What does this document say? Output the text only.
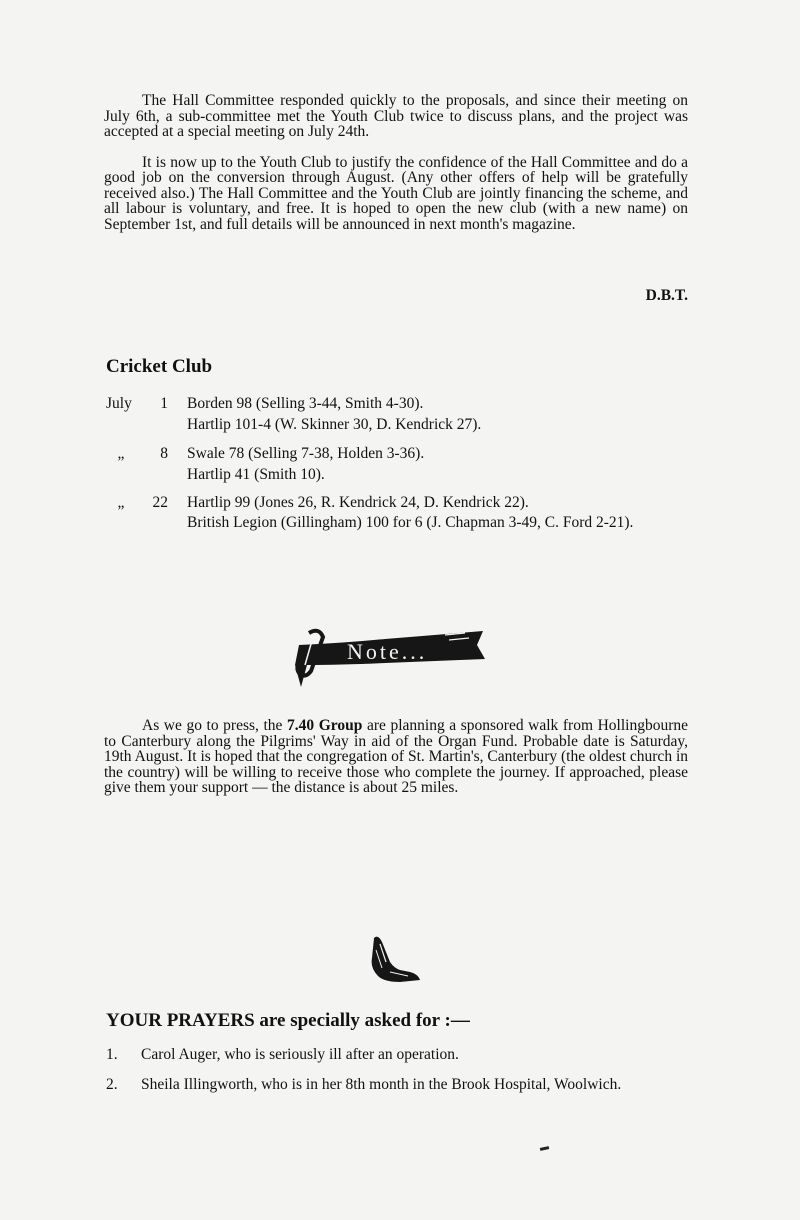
The Hall Committee responded quickly to the proposals, and since their meeting on July 6th, a sub-committee met the Youth Club twice to discuss plans, and the project was accepted at a special meeting on July 24th.

It is now up to the Youth Club to justify the confidence of the Hall Committee and do a good job on the conversion through August. (Any other offers of help will be gratefully received also.) The Hall Committee and the Youth Club are jointly financing the scheme, and all labour is voluntary, and free. It is hoped to open the new club (with a new name) on September 1st, and full details will be announced in next month's magazine.

D.B.T.
Cricket Club
July	1 Borden 98 (Selling 3-44, Smith 4-30).
Hartlip 101-4 (W. Skinner 30, D. Kendrick 27).
„	8 Swale 78 (Selling 7-38, Holden 3-36).
Hartlip 41 (Smith 10).
„	22 Hartlip 99 (Jones 26, R. Kendrick 24, D. Kendrick 22).
British Legion (Gillingham) 100 for 6 (J. Chapman 3-49, C. Ford 2-21).
Note...

As we go to press, the 7.40 Group are planning a sponsored walk from Hollingbourne to Canterbury along the Pilgrims' Way in aid of the Organ Fund. Probable date is Saturday, 19th August. It is hoped that the congregation of St. Martin's, Canterbury (the oldest church in the country) will be willing to receive those who complete the journey. If approached, please give them your support — the distance is about 25 miles.

YOUR PRAYERS are specially asked for :—
1. Carol Auger, who is seriously ill after an operation.
2. Sheila Illingworth, who is in her 8th month in the Brook Hospital, Woolwich.
